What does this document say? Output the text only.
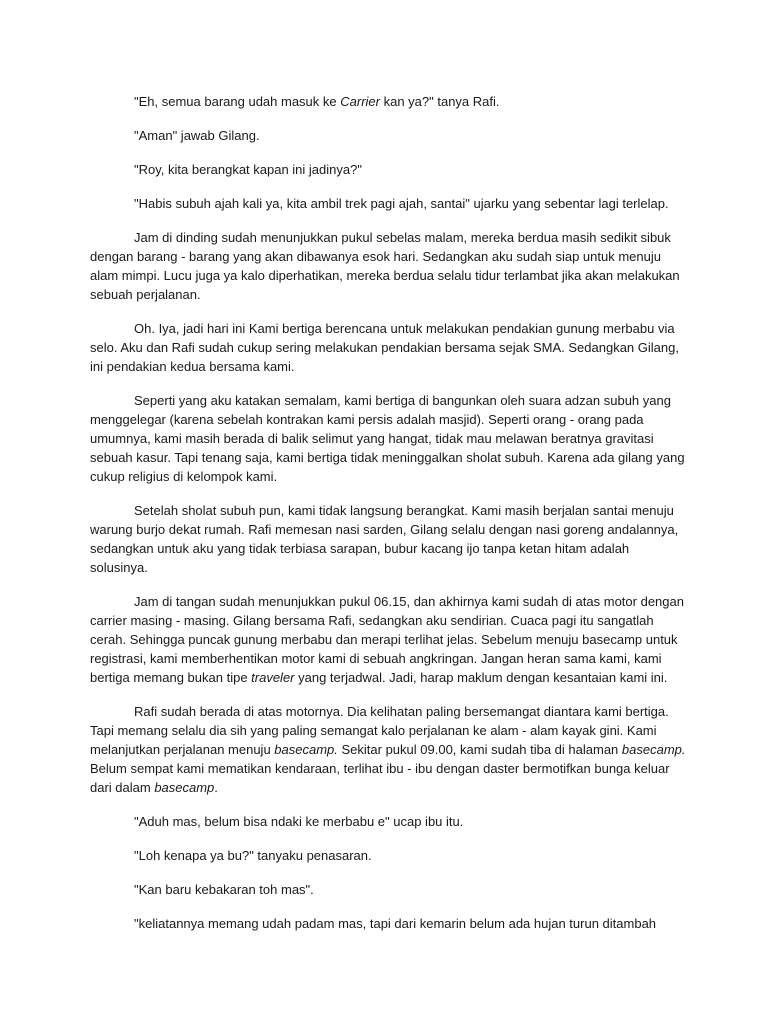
"Eh, semua barang udah masuk ke Carrier kan ya?" tanya Rafi.

"Aman" jawab Gilang.

"Roy, kita berangkat kapan ini jadinya?"

"Habis subuh ajah kali ya, kita ambil trek pagi ajah, santai" ujarku yang sebentar lagi terlelap.

Jam di dinding sudah menunjukkan pukul sebelas malam, mereka berdua masih sedikit sibuk dengan barang - barang yang akan dibawanya esok hari. Sedangkan aku sudah siap untuk menuju alam mimpi. Lucu juga ya kalo diperhatikan, mereka berdua selalu tidur terlambat jika akan melakukan sebuah perjalanan.

Oh. Iya, jadi hari ini Kami bertiga berencana untuk melakukan pendakian gunung merbabu via selo. Aku dan Rafi sudah cukup sering melakukan pendakian bersama sejak SMA. Sedangkan Gilang, ini pendakian kedua bersama kami.

Seperti yang aku katakan semalam, kami bertiga di bangunkan oleh suara adzan subuh yang menggelegar (karena sebelah kontrakan kami persis adalah masjid). Seperti orang - orang pada umumnya, kami masih berada di balik selimut yang hangat, tidak mau melawan beratnya gravitasi sebuah kasur. Tapi tenang saja, kami bertiga tidak meninggalkan sholat subuh. Karena ada gilang yang cukup religius di kelompok kami.

Setelah sholat subuh pun, kami tidak langsung berangkat. Kami masih berjalan santai menuju warung burjo dekat rumah. Rafi memesan nasi sarden, Gilang selalu dengan nasi goreng andalannya, sedangkan untuk aku yang tidak terbiasa sarapan, bubur kacang ijo tanpa ketan hitam adalah solusinya.

Jam di tangan sudah menunjukkan pukul 06.15, dan akhirnya kami sudah di atas motor dengan carrier masing - masing. Gilang bersama Rafi, sedangkan aku sendirian. Cuaca pagi itu sangatlah cerah. Sehingga puncak gunung merbabu dan merapi terlihat jelas. Sebelum menuju basecamp untuk registrasi, kami memberhentikan motor kami di sebuah angkringan. Jangan heran sama kami, kami bertiga memang bukan tipe traveler yang terjadwal. Jadi, harap maklum dengan kesantaian kami ini.

Rafi sudah berada di atas motornya. Dia kelihatan paling bersemangat diantara kami bertiga. Tapi memang selalu dia sih yang paling semangat kalo perjalanan ke alam - alam kayak gini. Kami melanjutkan perjalanan menuju basecamp. Sekitar pukul 09.00, kami sudah tiba di halaman basecamp. Belum sempat kami mematikan kendaraan, terlihat ibu - ibu dengan daster bermotifkan bunga keluar dari dalam basecamp.

"Aduh mas, belum bisa ndaki ke merbabu e" ucap ibu itu.

"Loh kenapa ya bu?" tanyaku penasaran.

"Kan baru kebakaran toh mas".

"keliatannya memang udah padam mas, tapi dari kemarin belum ada hujan turun ditambah
